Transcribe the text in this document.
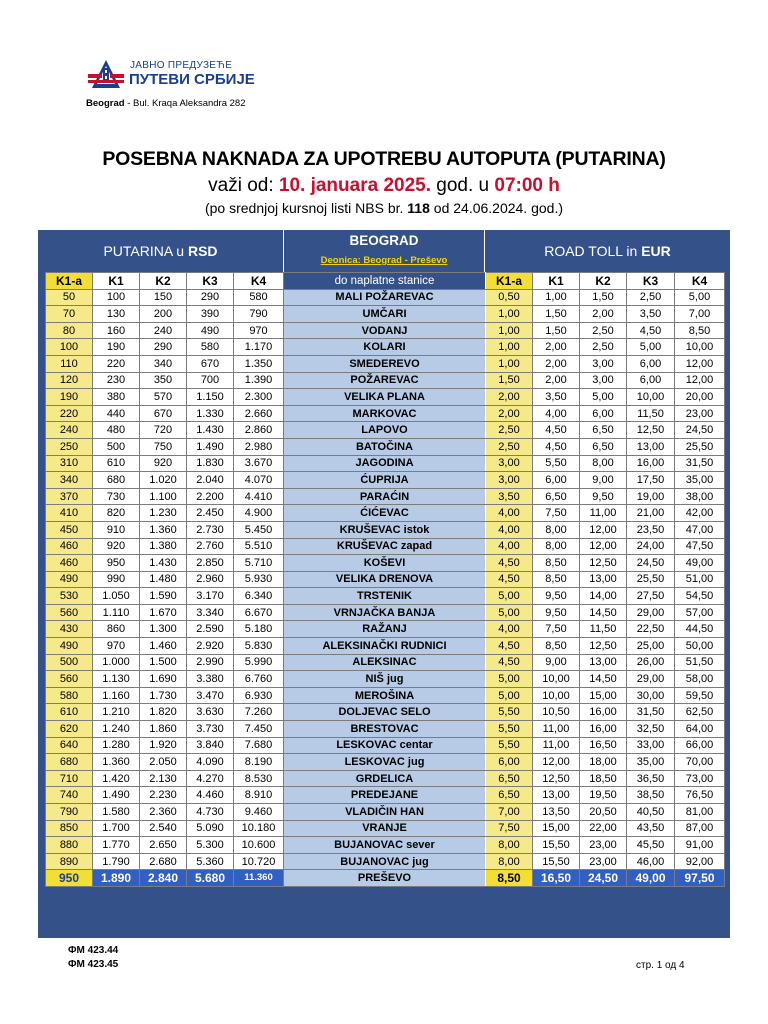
ЈАВНО ПРЕДУЗЕЋЕ
ПУТЕВИ СРБИЈЕ
Beograd - Bul. Kraqa Aleksandra 282
POSEBNA NAKNADA ZA UPOTREBU AUTOPUTA (PUTARINA)
važi od: 10. januara 2025. god. u 07:00 h
(po srednjoj kursnoj listi NBS br. 118 od 24.06.2024. god.)
PUTARINA u RSD
BEOGRAD
Deonica: Beograd - Preševo
ROAD TOLL in EUR
K1-a	K1	K2	K3	K4	do naplatne stanice	K1-a	K1	K2	K3	K4
50	100	150	290	580	MALI POŽAREVAC	0,50	1,00	1,50	2,50	5,00
70	130	200	390	790	UMČARI	1,00	1,50	2,00	3,50	7,00
80	160	240	490	970	VODANJ	1,00	1,50	2,50	4,50	8,50
100	190	290	580	1.170	KOLARI	1,00	2,00	2,50	5,00	10,00
110	220	340	670	1.350	SMEDEREVO	1,00	2,00	3,00	6,00	12,00
120	230	350	700	1.390	POŽAREVAC	1,50	2,00	3,00	6,00	12,00
190	380	570	1.150	2.300	VELIKA PLANA	2,00	3,50	5,00	10,00	20,00
220	440	670	1.330	2.660	MARKOVAC	2,00	4,00	6,00	11,50	23,00
240	480	720	1.430	2.860	LAPOVO	2,50	4,50	6,50	12,50	24,50
250	500	750	1.490	2.980	BATOČINA	2,50	4,50	6,50	13,00	25,50
310	610	920	1.830	3.670	JAGODINA	3,00	5,50	8,00	16,00	31,50
340	680	1.020	2.040	4.070	ĆUPRIJA	3,00	6,00	9,00	17,50	35,00
370	730	1.100	2.200	4.410	PARAĆIN	3,50	6,50	9,50	19,00	38,00
410	820	1.230	2.450	4.900	ĆIĆEVAC	4,00	7,50	11,00	21,00	42,00
450	910	1.360	2.730	5.450	KRUŠEVAC istok	4,00	8,00	12,00	23,50	47,00
460	920	1.380	2.760	5.510	KRUŠEVAC zapad	4,00	8,00	12,00	24,00	47,50
460	950	1.430	2.850	5.710	KOŠEVI	4,50	8,50	12,50	24,50	49,00
490	990	1.480	2.960	5.930	VELIKA DRENOVA	4,50	8,50	13,00	25,50	51,00
530	1.050	1.590	3.170	6.340	TRSTENIK	5,00	9,50	14,00	27,50	54,50
560	1.110	1.670	3.340	6.670	VRNJAČKA BANJA	5,00	9,50	14,50	29,00	57,00
430	860	1.300	2.590	5.180	RAŽANJ	4,00	7,50	11,50	22,50	44,50
490	970	1.460	2.920	5.830	ALEKSINAČKI RUDNICI	4,50	8,50	12,50	25,00	50,00
500	1.000	1.500	2.990	5.990	ALEKSINAC	4,50	9,00	13,00	26,00	51,50
560	1.130	1.690	3.380	6.760	NIŠ jug	5,00	10,00	14,50	29,00	58,00
580	1.160	1.730	3.470	6.930	MEROŠINA	5,00	10,00	15,00	30,00	59,50
610	1.210	1.820	3.630	7.260	DOLJEVAC SELO	5,50	10,50	16,00	31,50	62,50
620	1.240	1.860	3.730	7.450	BRESTOVAC	5,50	11,00	16,00	32,50	64,00
640	1.280	1.920	3.840	7.680	LESKOVAC centar	5,50	11,00	16,50	33,00	66,00
680	1.360	2.050	4.090	8.190	LESKOVAC jug	6,00	12,00	18,00	35,00	70,00
710	1.420	2.130	4.270	8.530	GRDELICA	6,50	12,50	18,50	36,50	73,00
740	1.490	2.230	4.460	8.910	PREDEJANE	6,50	13,00	19,50	38,50	76,50
790	1.580	2.360	4.730	9.460	VLADIČIN HAN	7,00	13,50	20,50	40,50	81,00
850	1.700	2.540	5.090	10.180	VRANJE	7,50	15,00	22,00	43,50	87,00
880	1.770	2.650	5.300	10.600	BUJANOVAC sever	8,00	15,50	23,00	45,50	91,00
890	1.790	2.680	5.360	10.720	BUJANOVAC jug	8,00	15,50	23,00	46,00	92,00
950	1.890	2.840	5.680	11.360	PREŠEVO	8,50	16,50	24,50	49,00	97,50
ФМ 423.44
ФМ 423.45	стр. 1 од 4
